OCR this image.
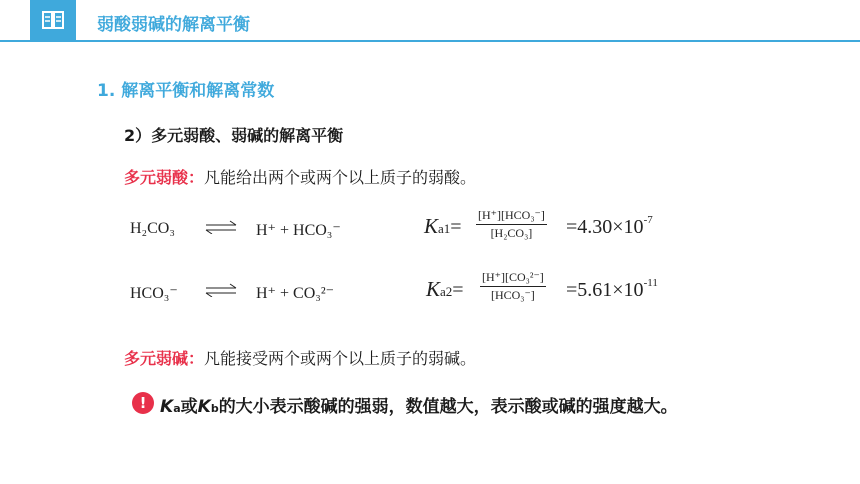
弱酸弱碱的解离平衡
1. 解离平衡和解离常数
2）多元弱酸、弱碱的解离平衡
多元弱酸：凡能给出两个或两个以上质子的弱酸。
H₂CO₃ ⇌ H⁺ + HCO₃⁻	Ka1=
[H⁺][HCO₃⁻]
[H₂CO₃]	$=4.30\times 10^{-7}$
HCO₃⁻ ⇌ H⁺ + CO₃²⁻	Ka2=
[H⁺][CO₃²⁻]
[HCO₃⁻]	$=5.61\times 10^{-11}$
多元弱碱：凡能接受两个或两个以上质子的弱碱。
! Ka或Kb的大小表示酸碱的强弱，数值越大，表示酸或碱的强度越大。
